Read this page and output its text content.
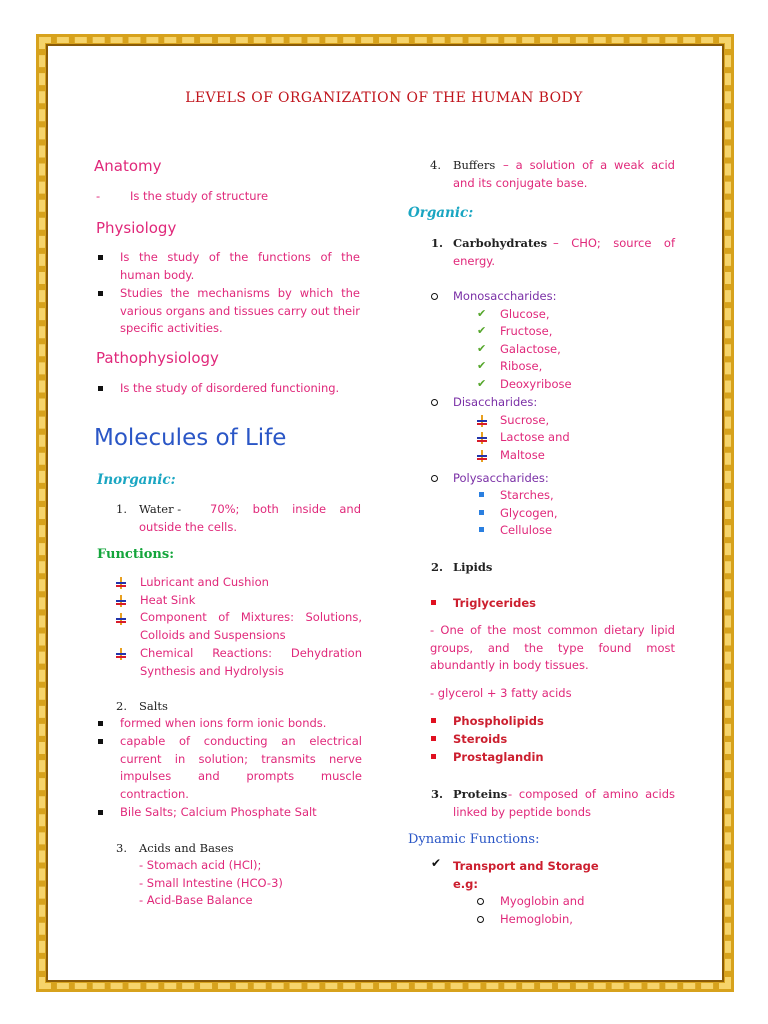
LEVELS OF ORGANIZATION OF THE HUMAN BODY
Anatomy
-	Is the study of structure
Physiology
Is the study of the functions of the human body.
Studies the mechanisms by which the various organs and tissues carry out their specific activities.
Pathophysiology
Is the study of disordered functioning.
Molecules of Life
Inorganic:
1. Water -	70%; both inside and outside the cells.
Functions:
Lubricant and Cushion
Heat Sink
Component of Mixtures: Solutions, Colloids and Suspensions
Chemical Reactions: Dehydration Synthesis and Hydrolysis
2. Salts
formed when ions form ionic bonds.
capable of conducting an electrical current in solution; transmits nerve impulses and prompts muscle contraction.
Bile Salts; Calcium Phosphate Salt
3. Acids and Bases
- Stomach acid (HCl);
- Small Intestine (HCO-3)
- Acid-Base Balance
4. Buffers – a solution of a weak acid and its conjugate base.
Organic:
1. Carbohydrates – CHO; source of energy.
Monosaccharides:
✔ Glucose,
✔ Fructose,
✔ Galactose,
✔ Ribose,
✔ Deoxyribose
Disaccharides:
Sucrose,
Lactose and
Maltose
Polysaccharides:
Starches,
Glycogen,
Cellulose
2. Lipids
Triglycerides
- One of the most common dietary lipid groups, and the type found most abundantly in body tissues.
- glycerol + 3 fatty acids
Phospholipids
Steroids
Prostaglandin
3. Proteins - composed of amino acids linked by peptide bonds
Dynamic Functions:
✔ Transport and Storage
e.g:
Myoglobin and
Hemoglobin,
